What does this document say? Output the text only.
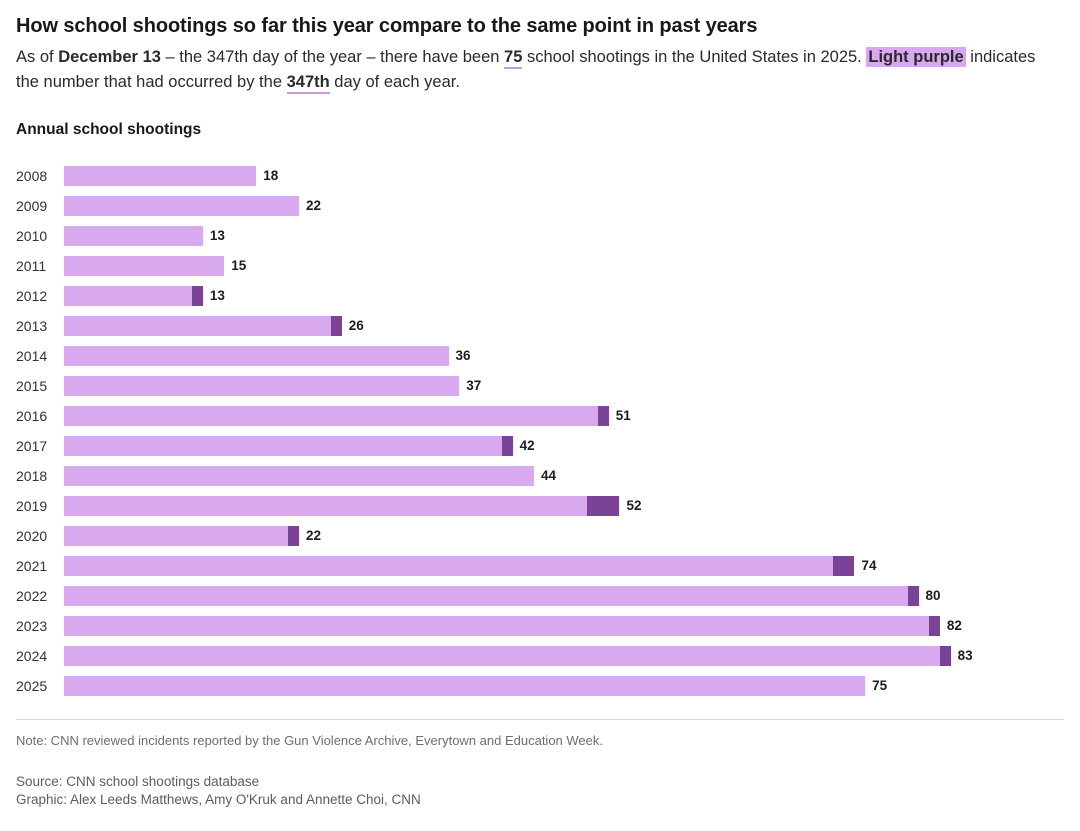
How school shootings so far this year compare to the same point in past years

As of December 13 – the 347th day of the year – there have been 75 school shootings in the United States in 2025. Light purple indicates the number that had occurred by the 347th day of each year.

Annual school shootings
2008	18
2009	22
2010	13
2011	15
2012	13
2013	26
2014	36
2015	37
2016	51
2017	42
2018	44
2019	52
2020	22
2021	74
2022	80
2023	82
2024	83
2025	75

Note: CNN reviewed incidents reported by the Gun Violence Archive, Everytown and Education Week.

Source: CNN school shootings database

Graphic: Alex Leeds Matthews, Amy O'Kruk and Annette Choi, CNN
